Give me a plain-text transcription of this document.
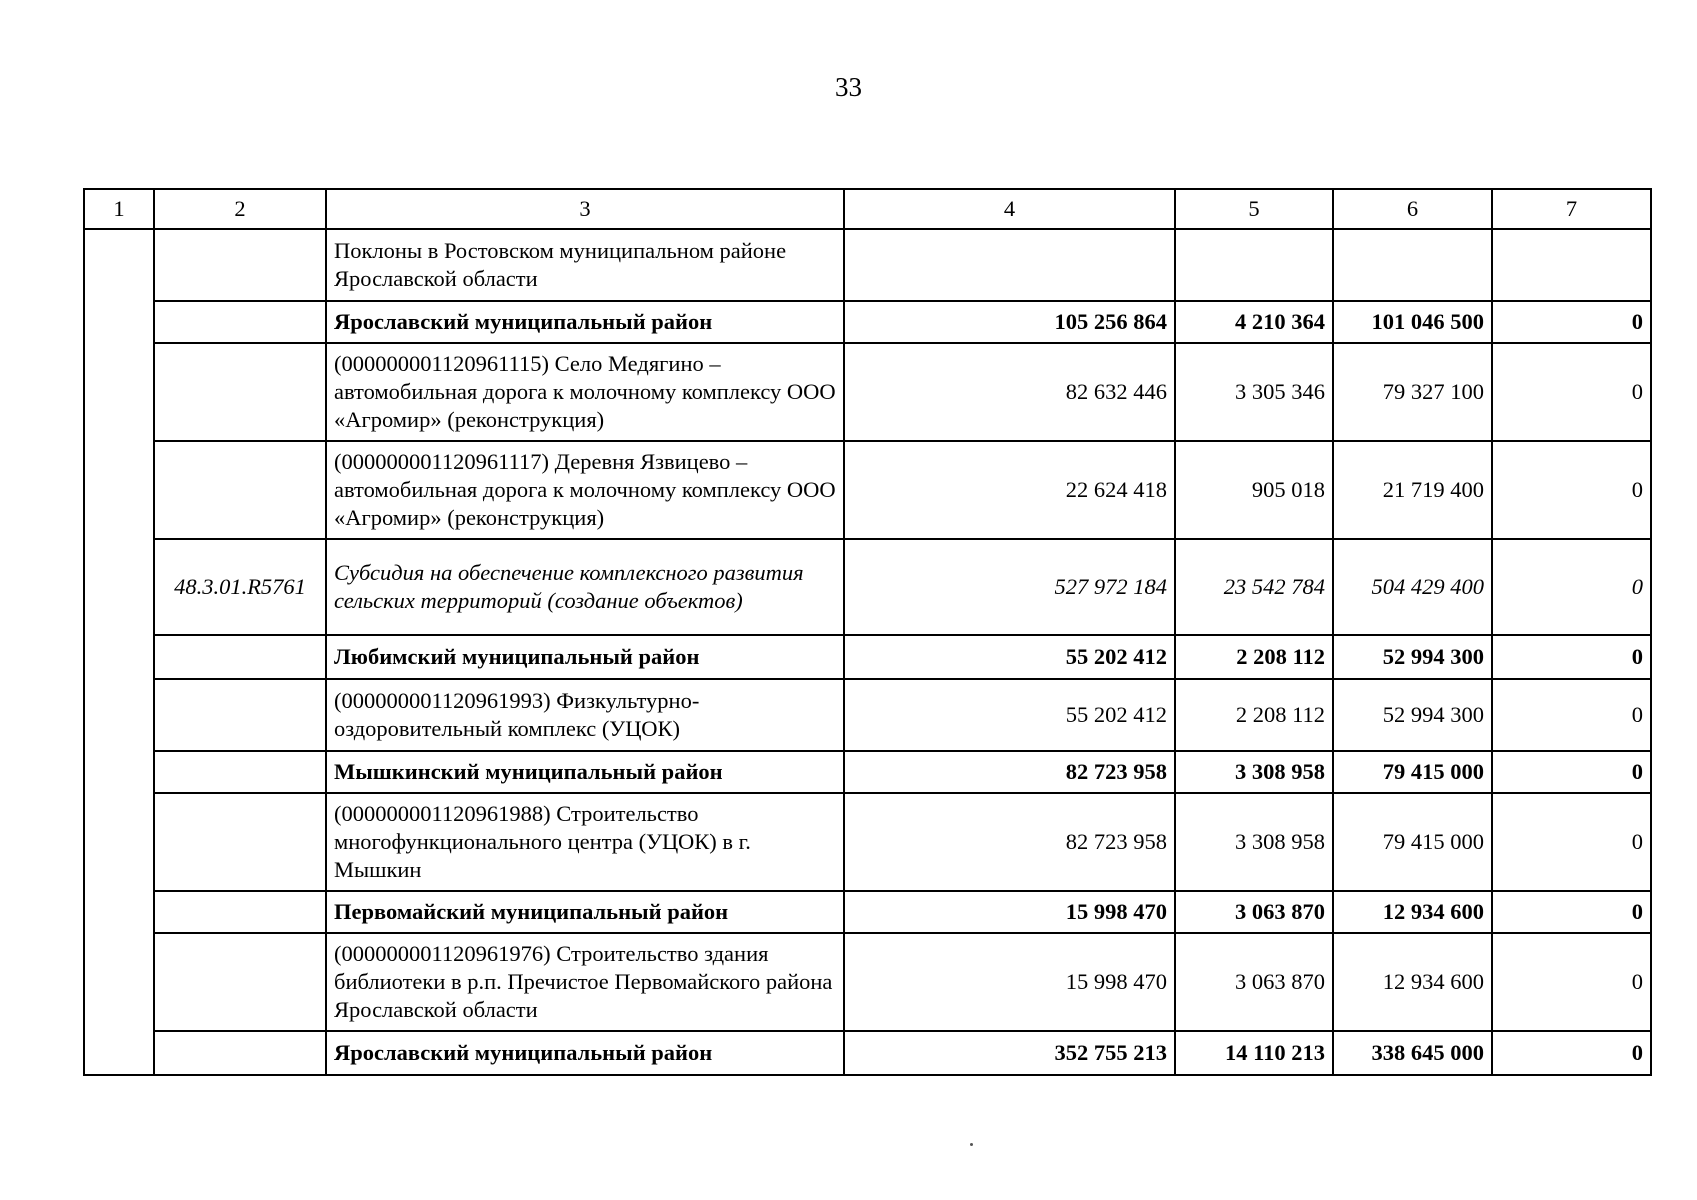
33
1	2	3	4	5	6	7
		Поклоны в Ростовском муниципальном районе Ярославской области				
		Ярославский муниципальный район	105 256 864	4 210 364	101 046 500	0
		(000000001120961115) Село Медягино – автомобильная дорога к молочному комплексу ООО «Агромир» (реконструкция)	82 632 446	3 305 346	79 327 100	0
		(000000001120961117) Деревня Язвицево – автомобильная дорога к молочному комплексу ООО «Агромир» (реконструкция)	22 624 418	905 018	21 719 400	0
	48.3.01.R5761	Субсидия на обеспечение комплексного развития сельских территорий (создание объектов)	527 972 184	23 542 784	504 429 400	0
		Любимский муниципальный район	55 202 412	2 208 112	52 994 300	0
		(000000001120961993) Физкультурно-оздоровительный комплекс (УЦОК)	55 202 412	2 208 112	52 994 300	0
		Мышкинский муниципальный район	82 723 958	3 308 958	79 415 000	0
		(000000001120961988) Строительство многофункционального центра (УЦОК) в г. Мышкин	82 723 958	3 308 958	79 415 000	0
		Первомайский муниципальный район	15 998 470	3 063 870	12 934 600	0
		(000000001120961976) Строительство здания библиотеки в р.п. Пречистое Первомайского района Ярославской области	15 998 470	3 063 870	12 934 600	0
		Ярославский муниципальный район	352 755 213	14 110 213	338 645 000	0
